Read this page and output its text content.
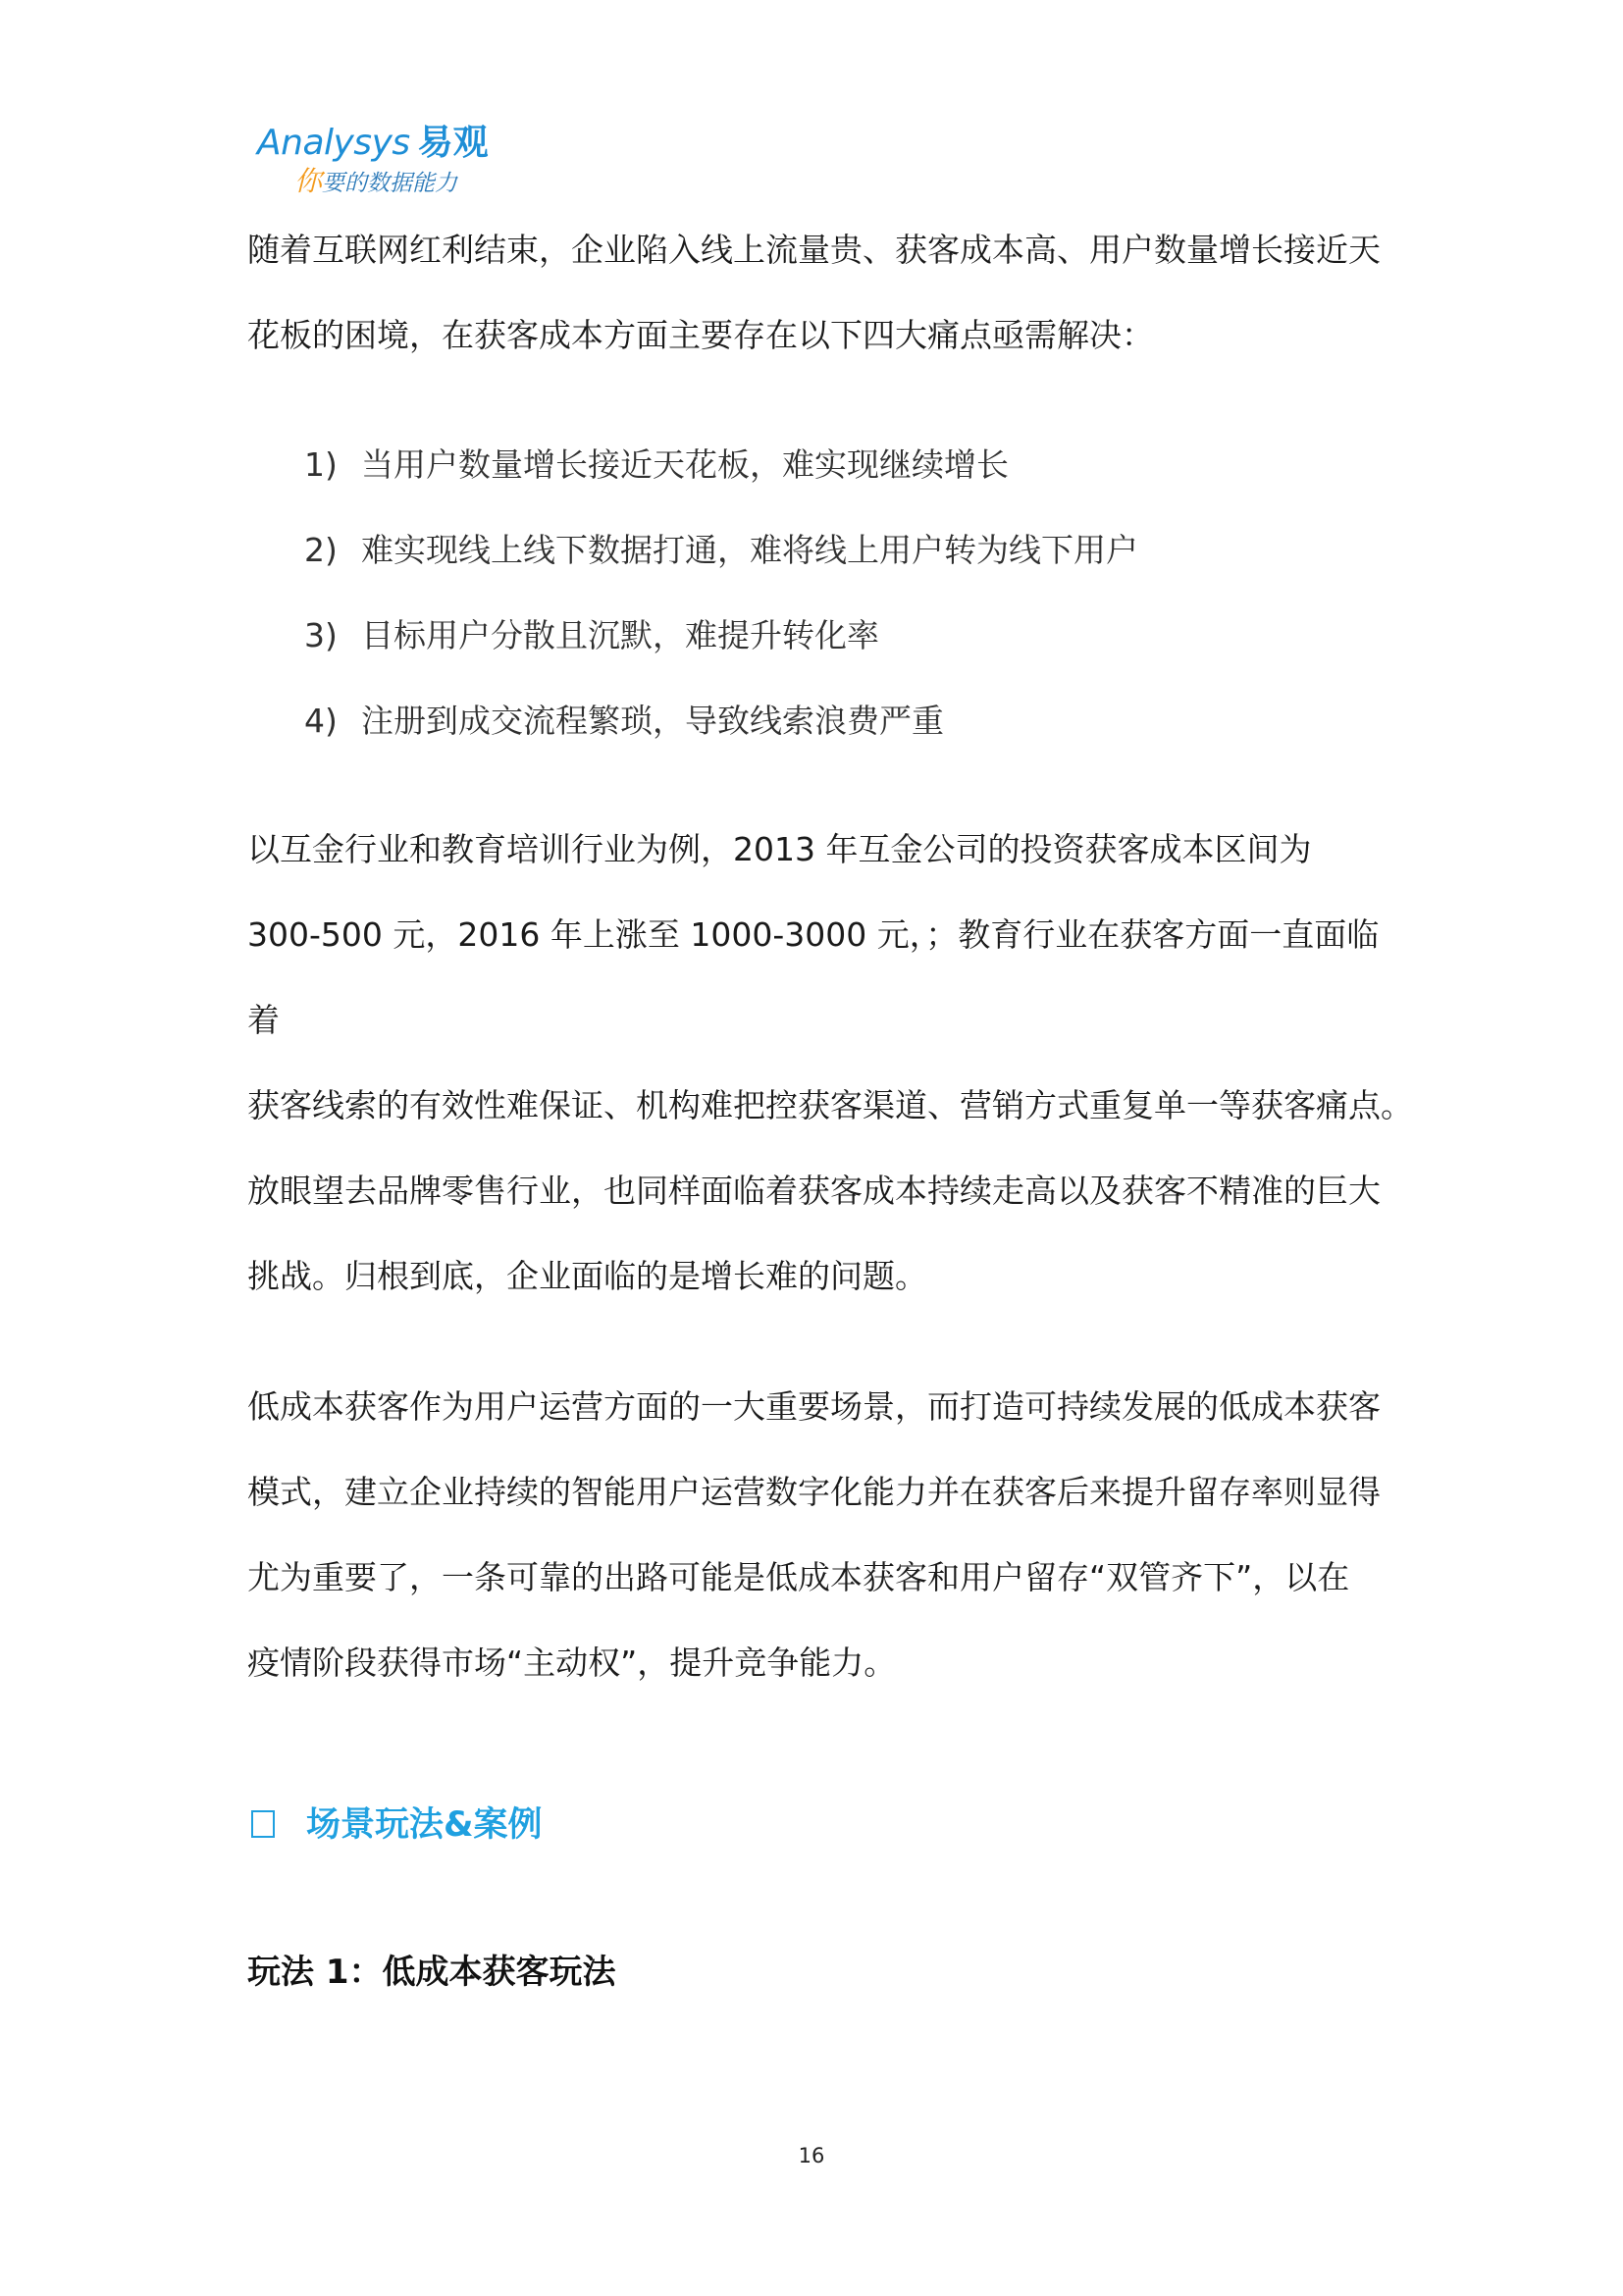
Analysys 易观
你要的数据能力

随着互联网红利结束，企业陷入线上流量贵、获客成本高、用户数量增长接近天

花板的困境，在获客成本方面主要存在以下四大痛点亟需解决：

1) 当用户数量增长接近天花板，难实现继续增长
2) 难实现线上线下数据打通，难将线上用户转为线下用户
3) 目标用户分散且沉默，难提升转化率
4) 注册到成交流程繁琐，导致线索浪费严重

以互金行业和教育培训行业为例，2013 年互金公司的投资获客成本区间为

300-500 元，2016 年上涨至 1000-3000 元，；教育行业在获客方面一直面临

着

获客线索的有效性难保证、机构难把控获客渠道、营销方式重复单一等获客痛点。

放眼望去品牌零售行业，也同样面临着获客成本持续走高以及获客不精准的巨大

挑战。归根到底，企业面临的是增长难的问题。

低成本获客作为用户运营方面的一大重要场景，而打造可持续发展的低成本获客

模式，建立企业持续的智能用户运营数字化能力并在获客后来提升留存率则显得

尤为重要了，一条可靠的出路可能是低成本获客和用户留存“双管齐下”，以在

疫情阶段获得市场“主动权”，提升竞争能力。

场景玩法&案例
玩法 1：低成本获客玩法
16
